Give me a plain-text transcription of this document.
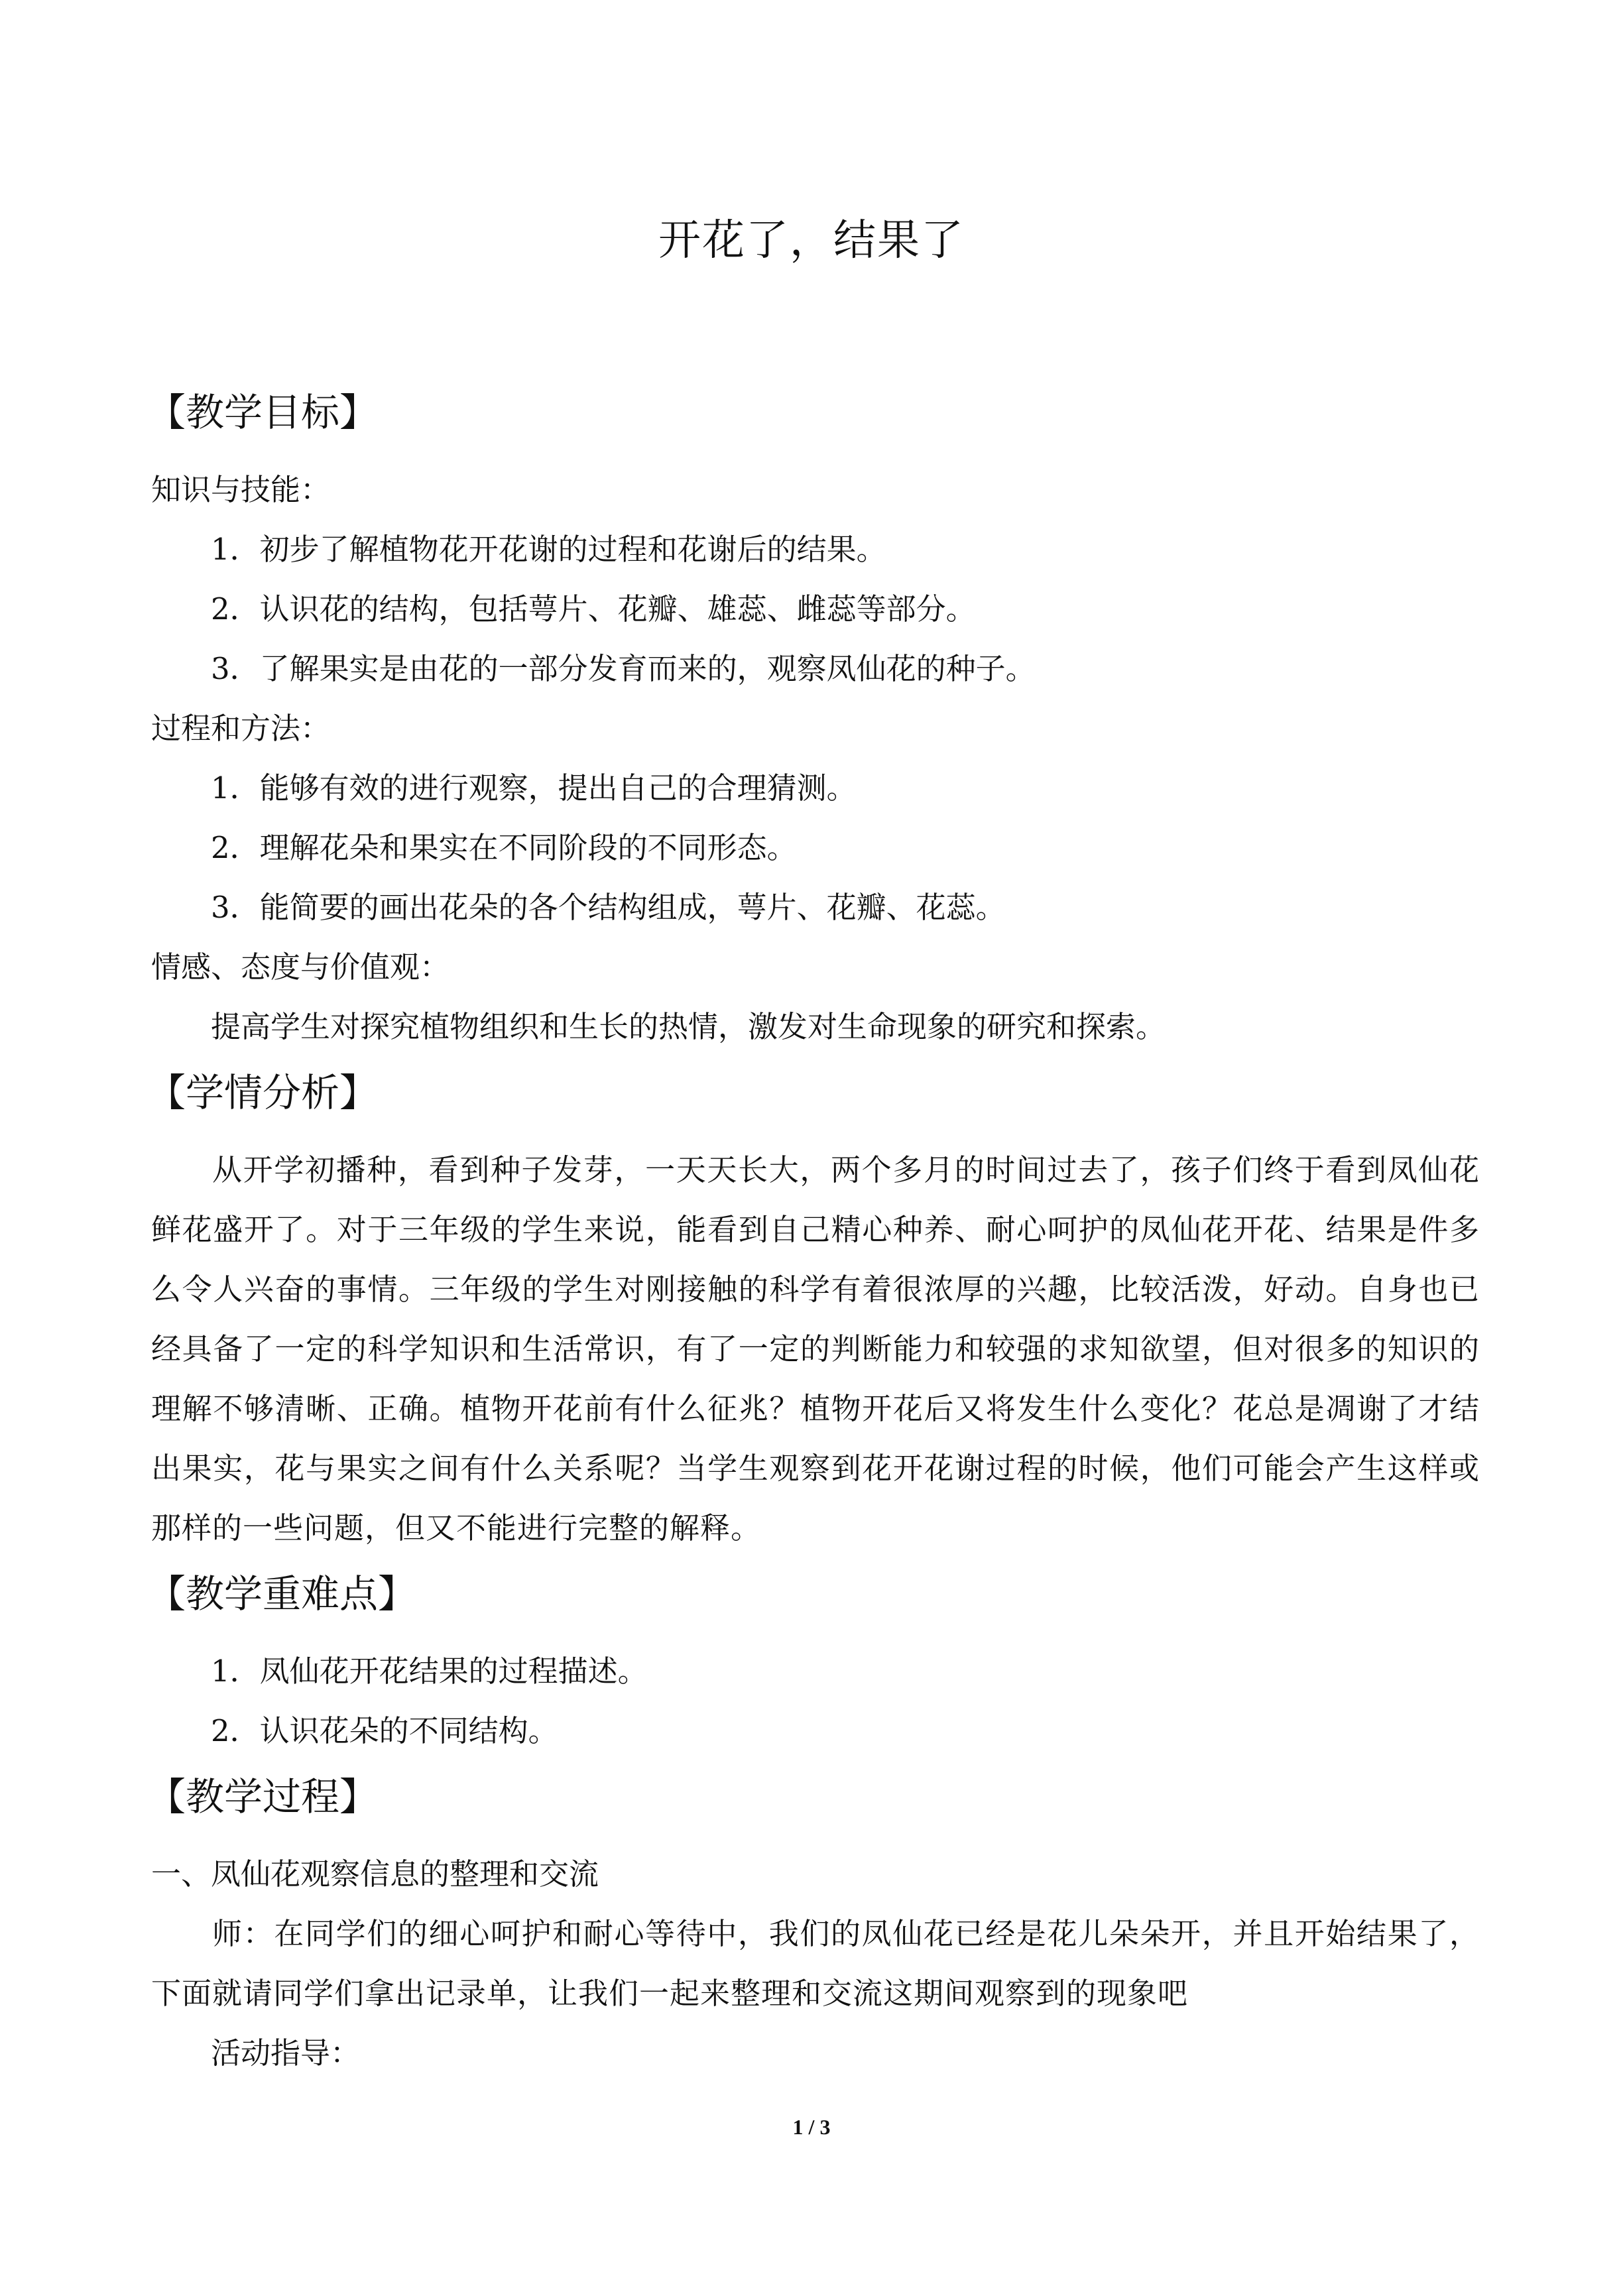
开花了，结果了
【教学目标】
知识与技能：
1．初步了解植物花开花谢的过程和花谢后的结果。
2．认识花的结构，包括萼片、花瓣、雄蕊、雌蕊等部分。
3．了解果实是由花的一部分发育而来的，观察凤仙花的种子。
过程和方法：
1．能够有效的进行观察，提出自己的合理猜测。
2．理解花朵和果实在不同阶段的不同形态。
3．能简要的画出花朵的各个结构组成，萼片、花瓣、花蕊。
情感、态度与价值观：
提高学生对探究植物组织和生长的热情，激发对生命现象的研究和探索。
【学情分析】
从开学初播种，看到种子发芽，一天天长大，两个多月的时间过去了，孩子们终于看到凤仙花鲜花盛开了。对于三年级的学生来说，能看到自己精心种养、耐心呵护的凤仙花开花、结果是件多么令人兴奋的事情。三年级的学生对刚接触的科学有着很浓厚的兴趣，比较活泼，好动。自身也已经具备了一定的科学知识和生活常识，有了一定的判断能力和较强的求知欲望，但对很多的知识的理解不够清晰、正确。植物开花前有什么征兆？植物开花后又将发生什么变化？花总是凋谢了才结出果实，花与果实之间有什么关系呢？当学生观察到花开花谢过程的时候，他们可能会产生这样或那样的一些问题，但又不能进行完整的解释。
【教学重难点】
1．凤仙花开花结果的过程描述。
2．认识花朵的不同结构。
【教学过程】
一、凤仙花观察信息的整理和交流
师：在同学们的细心呵护和耐心等待中，我们的凤仙花已经是花儿朵朵开，并且开始结果了，下面就请同学们拿出记录单，让我们一起来整理和交流这期间观察到的现象吧
活动指导：
1 / 3
